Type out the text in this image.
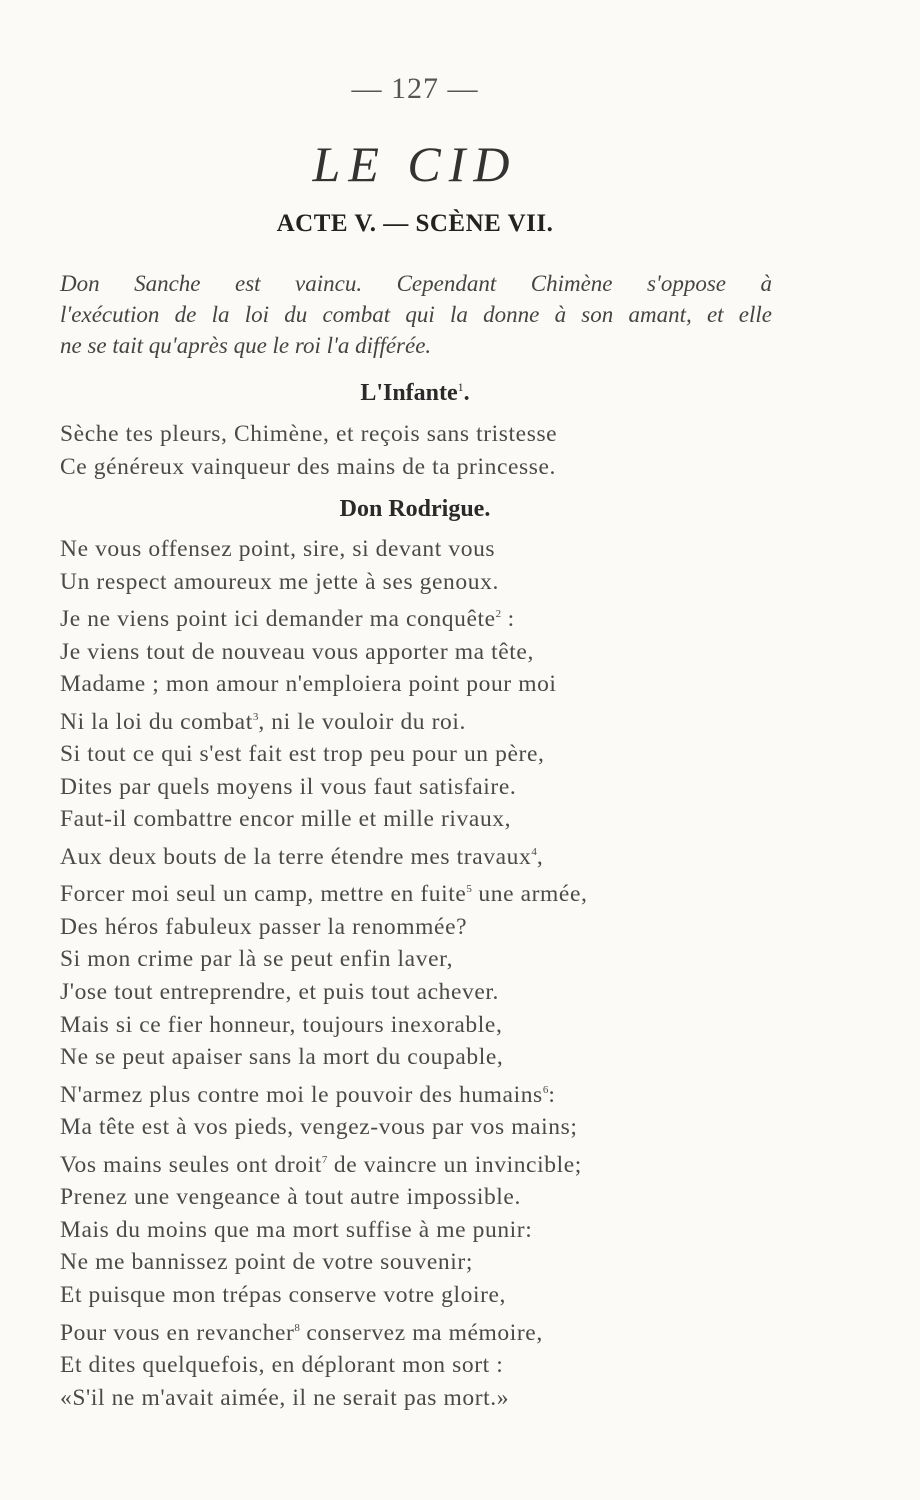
— 127 —
LE CID
ACTE V. — SCÈNE VII.
Don Sanche est vaincu. Cependant Chimène s'oppose à
l'exécution de la loi du combat qui la donne à son amant, et elle
ne se tait qu'après que le roi l'a différée.
L'Infante$^1$.
Sèche tes pleurs, Chimène, et reçois sans tristesse
Ce généreux vainqueur des mains de ta princesse.
Don Rodrigue.
Ne vous offensez point, sire, si devant vous
Un respect amoureux me jette à ses genoux.
Je ne viens point ici demander ma conquête$^2$ :
Je viens tout de nouveau vous apporter ma tête,
Madame ; mon amour n'emploiera point pour moi
Ni la loi du combat$^3$, ni le vouloir du roi.
Si tout ce qui s'est fait est trop peu pour un père,
Dites par quels moyens il vous faut satisfaire.
Faut-il combattre encor mille et mille rivaux,
Aux deux bouts de la terre étendre mes travaux$^4$,
Forcer moi seul un camp, mettre en fuite$^5$ une armée,
Des héros fabuleux passer la renommée?
Si mon crime par là se peut enfin laver,
J'ose tout entreprendre, et puis tout achever.
Mais si ce fier honneur, toujours inexorable,
Ne se peut apaiser sans la mort du coupable,
N'armez plus contre moi le pouvoir des humains$^6$:
Ma tête est à vos pieds, vengez-vous par vos mains;
Vos mains seules ont droit$^7$ de vaincre un invincible;
Prenez une vengeance à tout autre impossible.
Mais du moins que ma mort suffise à me punir:
Ne me bannissez point de votre souvenir;
Et puisque mon trépas conserve votre gloire,
Pour vous en revancher$^8$ conservez ma mémoire,
Et dites quelquefois, en déplorant mon sort :
«S'il ne m'avait aimée, il ne serait pas mort.»
